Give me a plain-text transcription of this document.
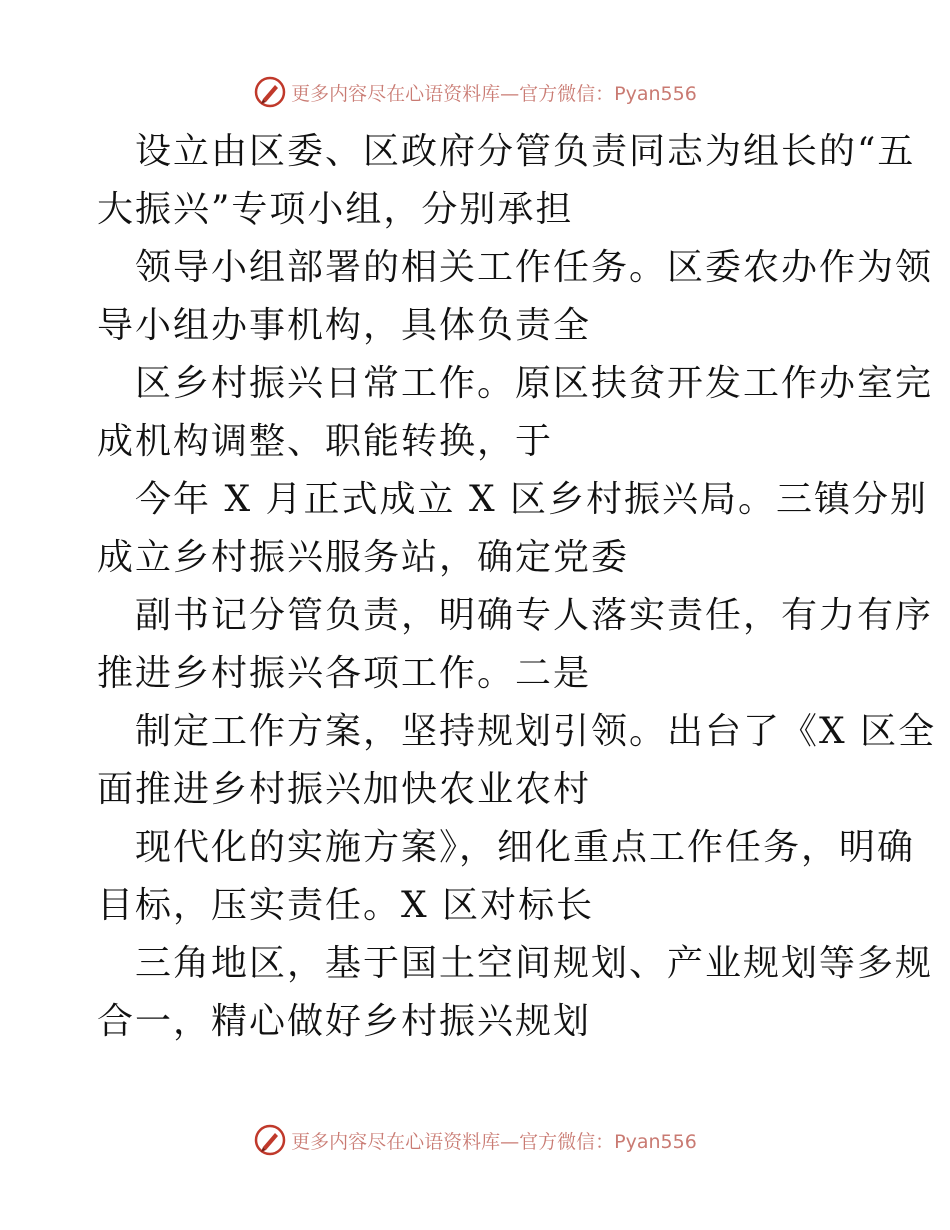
更多内容尽在心语资料库—官方微信：Pyan556
设立由区委、区政府分管负责同志为组长的“五
大振兴”专项小组，分别承担
领导小组部署的相关工作任务。区委农办作为领
导小组办事机构，具体负责全
区乡村振兴日常工作。原区扶贫开发工作办室完
成机构调整、职能转换，于
今年 X 月正式成立 X 区乡村振兴局。三镇分别
成立乡村振兴服务站，确定党委
副书记分管负责，明确专人落实责任，有力有序
推进乡村振兴各项工作。二是
制定工作方案，坚持规划引领。出台了《X 区全
面推进乡村振兴加快农业农村
现代化的实施方案》，细化重点工作任务，明确
目标，压实责任。X 区对标长
三角地区，基于国土空间规划、产业规划等多规
合一，精心做好乡村振兴规划
更多内容尽在心语资料库—官方微信：Pyan556
